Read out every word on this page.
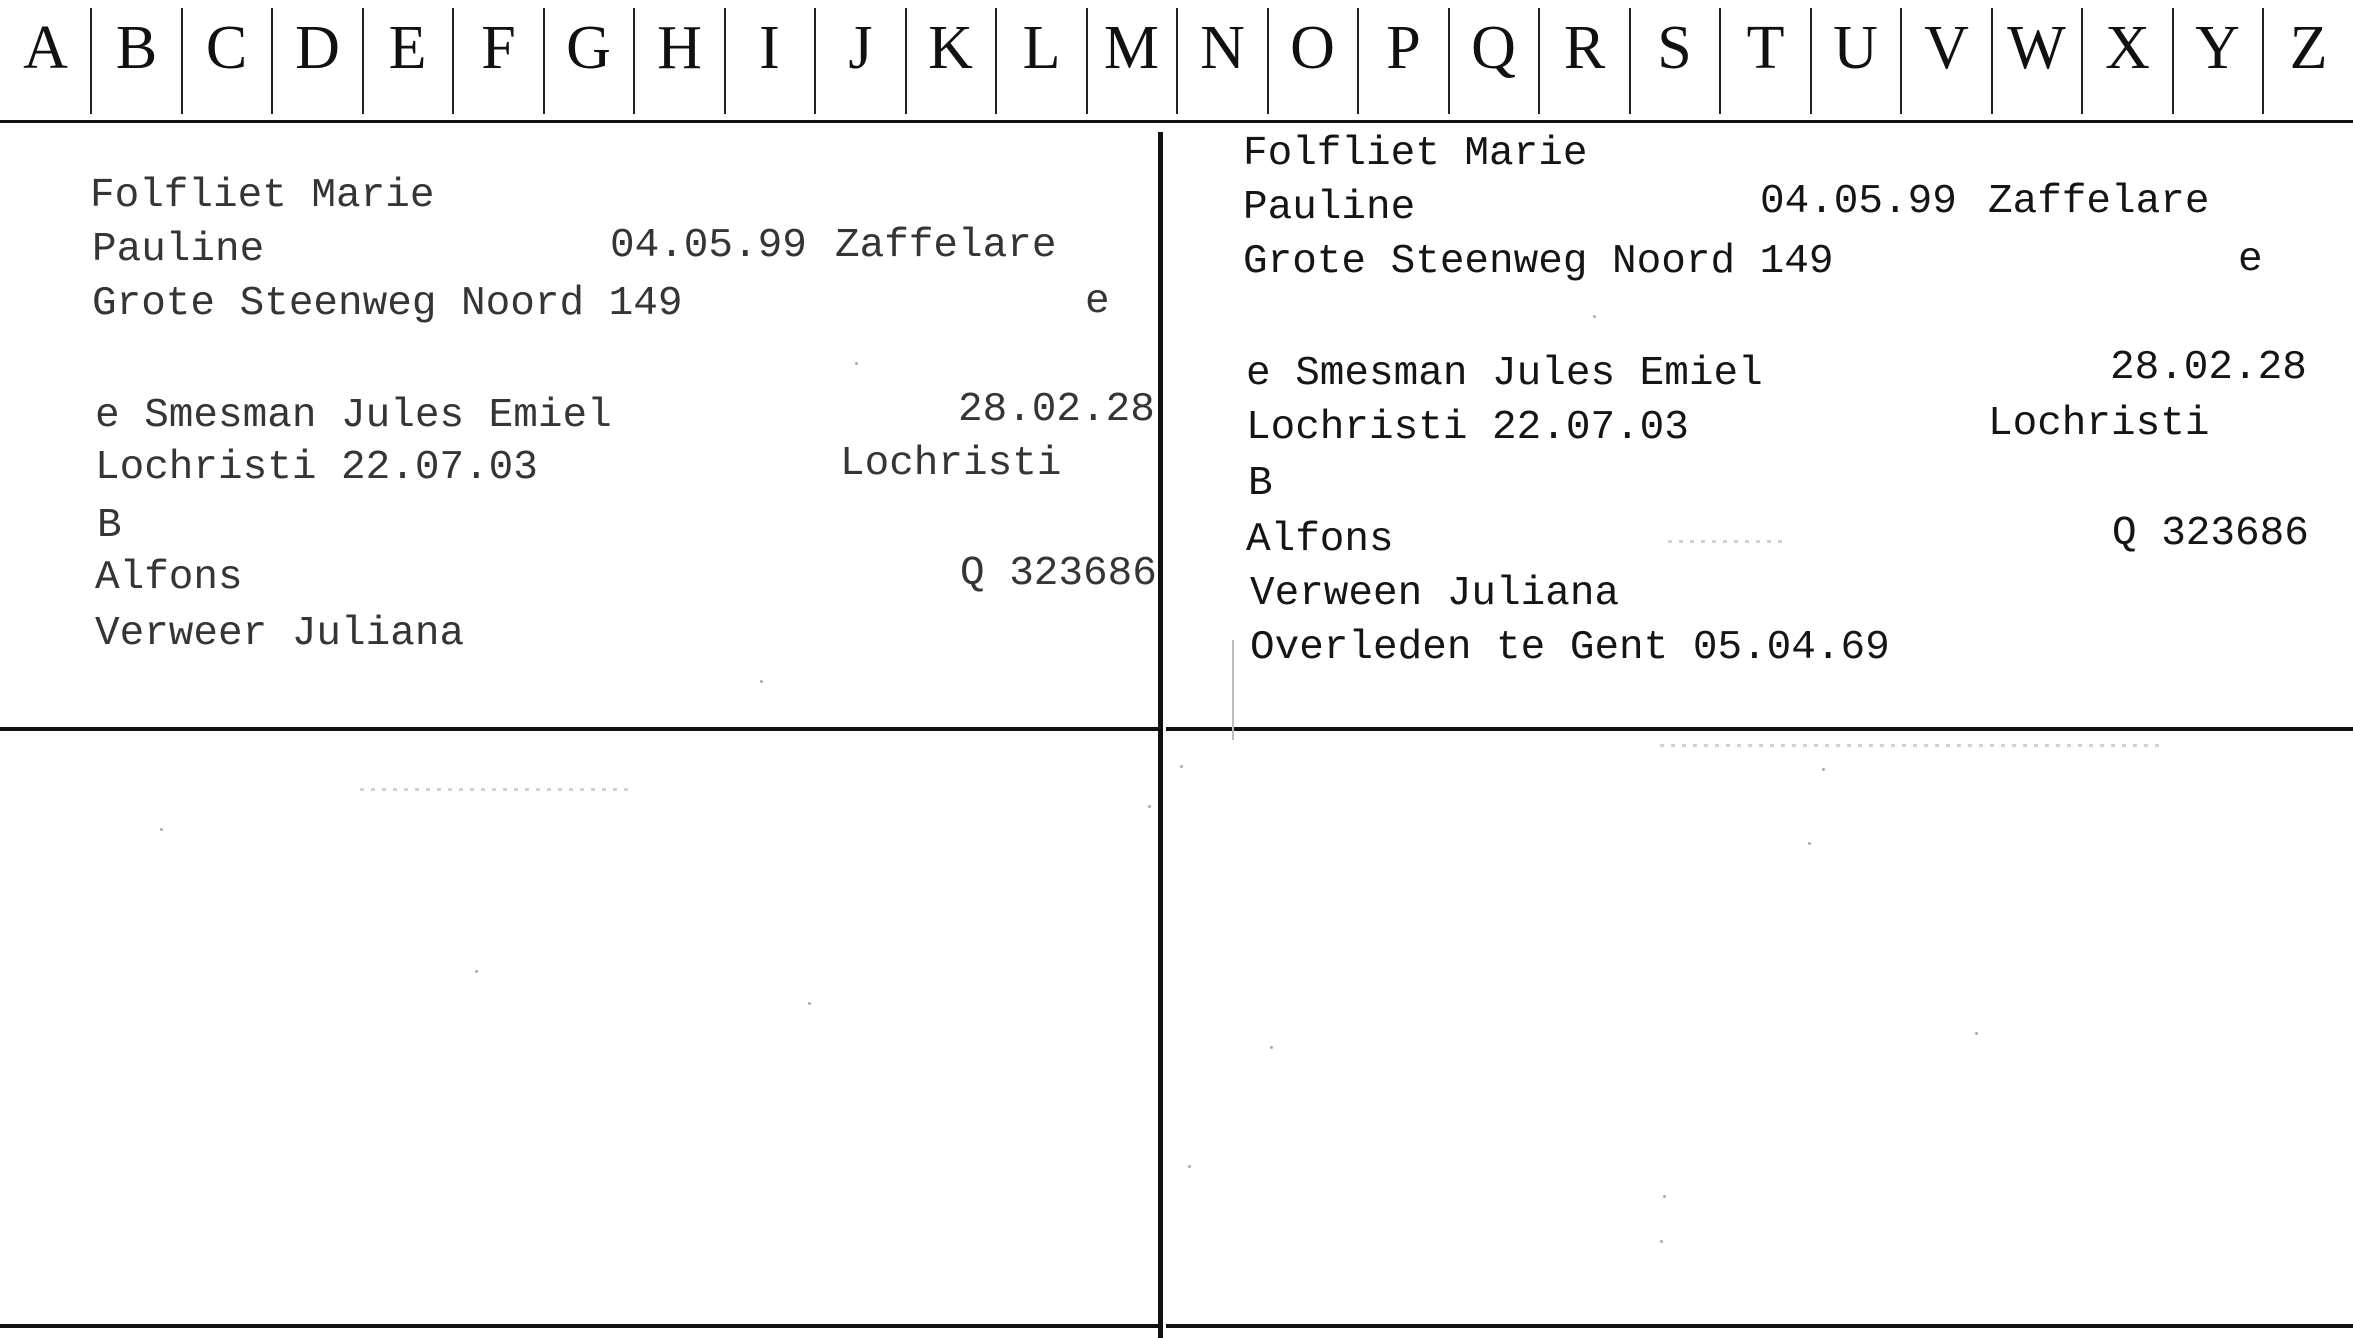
A B C D E F G H I	J K L M N O P Q R S T U V W X Y Z
Folfliet Marie
Pauline	04.05.99 Zaffelare
Grote Steenweg Noord 149	e
e Smesman Jules Emiel	28.02.28
Lochristi 22.07.03	Lochristi
B
Alfons	Q 323686
Verweer Juliana
Folfliet Marie
Pauline	04.05.99 Zaffelare
Grote Steenweg Noord 149	e
e Smesman Jules Emiel	28.02.28
Lochristi 22.07.03	Lochristi
B
Alfons	Q 323686
Verween Juliana
Overleden te Gent 05.04.69
